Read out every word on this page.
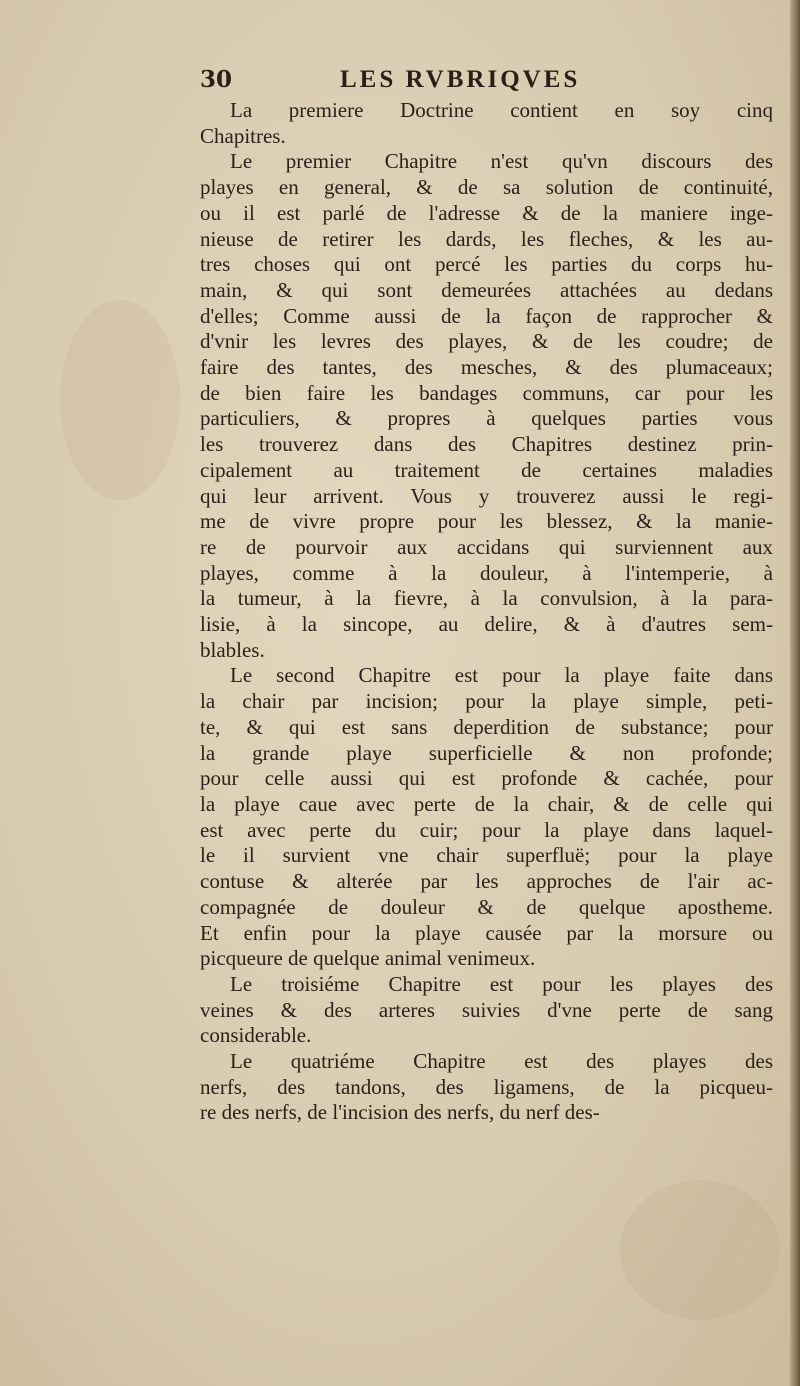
30	LES RVBRIQVES
La premiere Doctrine contient en soy cinq
Chapitres.
Le premier Chapitre n'est qu'vn discours des
playes en general, & de sa solution de continuité,
ou il est parlé de l'adresse & de la maniere inge-
nieuse de retirer les dards, les fleches, & les au-
tres choses qui ont percé les parties du corps hu-
main, & qui sont demeurées attachées au dedans
d'elles; Comme aussi de la façon de rapprocher &
d'vnir les levres des playes, & de les coudre; de
faire des tantes, des mesches, & des plumaceaux;
de bien faire les bandages communs, car pour les
particuliers, & propres à quelques parties vous
les trouverez dans des Chapitres destinez prin-
cipalement au traitement de certaines maladies
qui leur arrivent. Vous y trouverez aussi le regi-
me de vivre propre pour les blessez, & la manie-
re de pourvoir aux accidans qui surviennent aux
playes, comme à la douleur, à l'intemperie, à
la tumeur, à la fievre, à la convulsion, à la para-
lisie, à la sincope, au delire, & à d'autres sem-
blables.
Le second Chapitre est pour la playe faite dans
la chair par incision; pour la playe simple, peti-
te, & qui est sans deperdition de substance; pour
la grande playe superficielle & non profonde;
pour celle aussi qui est profonde & cachée, pour
la playe caue avec perte de la chair, & de celle qui
est avec perte du cuir; pour la playe dans laquel-
le il survient vne chair superfluë; pour la playe
contuse & alterée par les approches de l'air ac-
compagnée de douleur & de quelque aposthеme.
Et enfin pour la playe causée par la morsure ou
picqueure de quelque animal venimeux.
Le troisiéme Chapitre est pour les playes des
veines & des arteres suivies d'vne perte de sang
considerable.
Le quatriéme Chapitre est des playes des
nerfs, des tandons, des ligamens, de la picqueu-
re des nerfs, de l'incision des nerfs, du nerf des-
